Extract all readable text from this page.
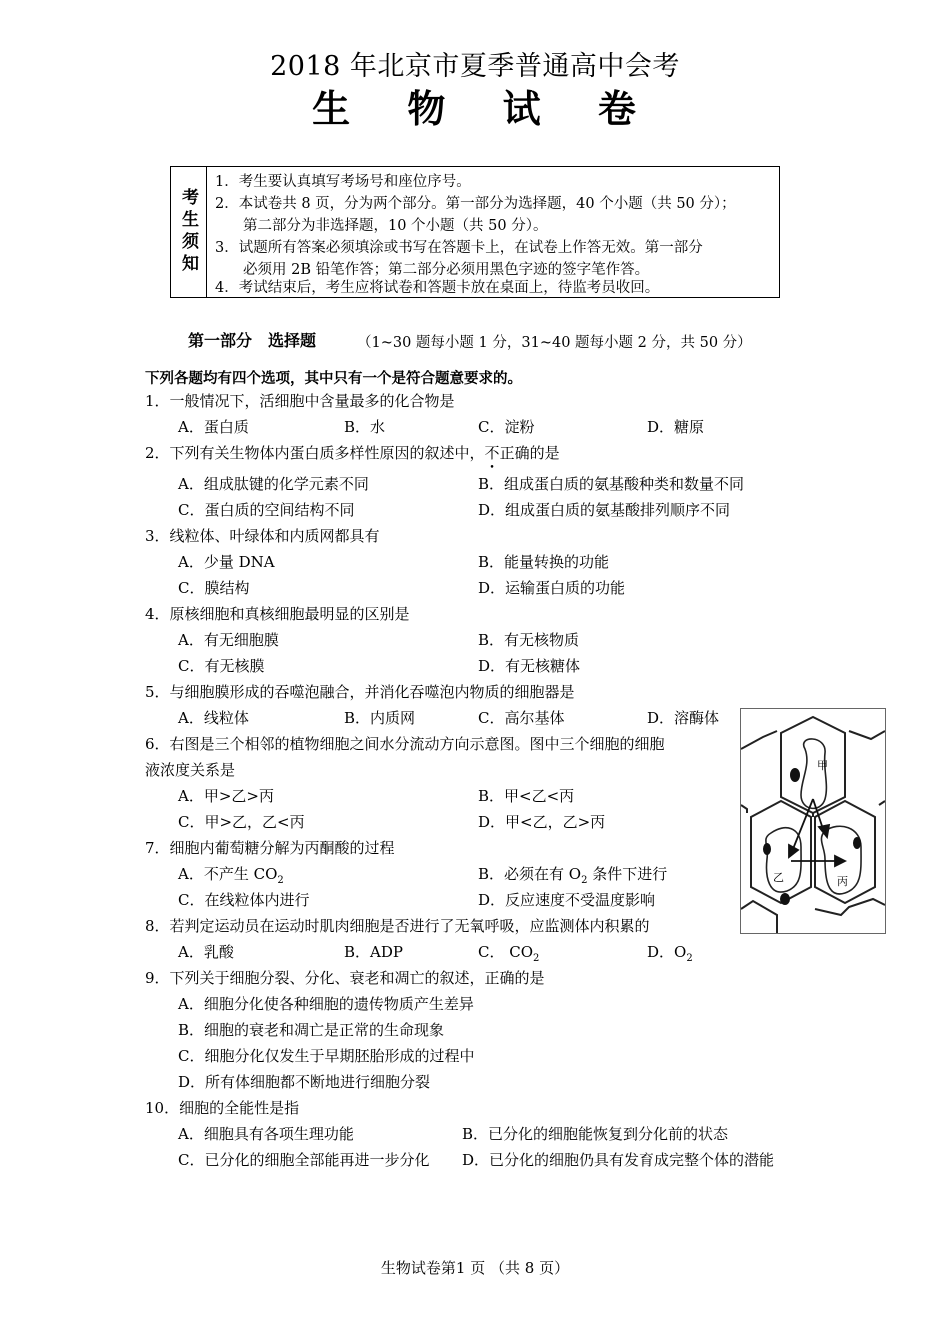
2018 年北京市夏季普通高中会考
生 物 试 卷
考生须知
1．考生要认真填写考场号和座位序号。
2．本试卷共 8 页，分为两个部分。第一部分为选择题，40 个小题（共 50 分）；
第二部分为非选择题，10 个小题（共 50 分）。
3．试题所有答案必须填涂或书写在答题卡上，在试卷上作答无效。第一部分
必须用 2B 铅笔作答；第二部分必须用黑色字迹的签字笔作答。
4．考试结束后，考生应将试卷和答题卡放在桌面上，待监考员收回。
第一部分　选择题	（1~30 题每小题 1 分，31~40 题每小题 2 分，共 50 分）
下列各题均有四个选项，其中只有一个是符合题意要求的。
1．一般情况下，活细胞中含量最多的化合物是
A．蛋白质	B．水	C．淀粉	D．糖原
2．下列有关生物体内蛋白质多样性原因的叙述中，不正确的是
A．组成肽键的化学元素不同	B．组成蛋白质的氨基酸种类和数量不同
C．蛋白质的空间结构不同	D．组成蛋白质的氨基酸排列顺序不同
3．线粒体、叶绿体和内质网都具有
A．少量 DNA	B．能量转换的功能
C．膜结构	D．运输蛋白质的功能
4．原核细胞和真核细胞最明显的区别是
A．有无细胞膜	B．有无核物质
C．有无核膜	D．有无核糖体
5．与细胞膜形成的吞噬泡融合，并消化吞噬泡内物质的细胞器是
A．线粒体	B．内质网	C．高尔基体	D．溶酶体
6．右图是三个相邻的植物细胞之间水分流动方向示意图。图中三个细胞的细胞
液浓度关系是
A．甲>乙>丙	B．甲<乙<丙
C．甲>乙，乙<丙	D．甲<乙，乙>丙
7．细胞内葡萄糖分解为丙酮酸的过程
A．不产生 $CO_2$	B．必须在有 $O_2$ 条件下进行
C．在线粒体内进行	D．反应速度不受温度影响
8．若判定运动员在运动时肌肉细胞是否进行了无氧呼吸，应监测体内积累的
A．乳酸	B．ADP	C． $CO_2$	D．$O_2$
9．下列关于细胞分裂、分化、衰老和凋亡的叙述，正确的是
A．细胞分化使各种细胞的遗传物质产生差异
B．细胞的衰老和凋亡是正常的生命现象
C．细胞分化仅发生于早期胚胎形成的过程中
D．所有体细胞都不断地进行细胞分裂
10．细胞的全能性是指
A．细胞具有各项生理功能	B．已分化的细胞能恢复到分化前的状态
C．已分化的细胞全部能再进一步分化 D．已分化的细胞仍具有发育成完整个体的潜能
甲
乙	丙
生物试卷第1 页 （共 8 页）
